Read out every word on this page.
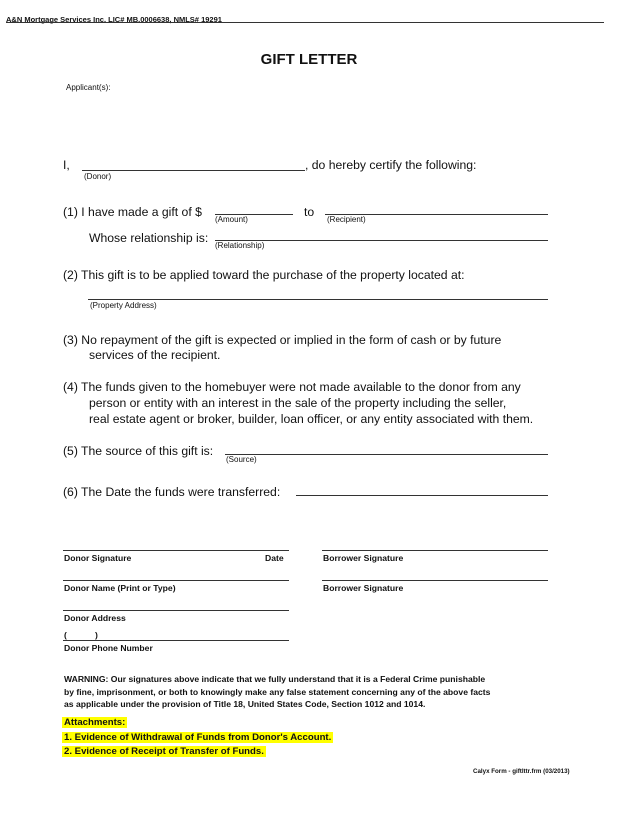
A&N Mortgage Services Inc. LIC# MB.0006638, NMLS# 19291
GIFT LETTER
Applicant(s):
I,	, do hereby certify the following:
(Donor)
(1) I have made a gift of $
(Amount)
to
(Recipient)
Whose relationship is:
(Relationship)
(2) This gift is to be applied toward the purchase of the property located at:
(Property Address)
(3) No repayment of the gift is expected or implied in the form of cash or by future
services of the recipient.
(4) The funds given to the homebuyer were not made available to the donor from any
person or entity with an interest in the sale of the property including the seller,
real estate agent or broker, builder, loan officer, or any entity associated with them.
(5) The source of this gift is:
(Source)
(6) The Date the funds were transferred:
Donor Signature	Date	Borrower Signature
Donor Name (Print or Type)	Borrower Signature
Donor Address
(	)
Donor Phone Number
WARNING: Our signatures above indicate that we fully understand that it is a Federal Crime punishable
by fine, imprisonment, or both to knowingly make any false statement concerning any of the above facts
as applicable under the provision of Title 18, United States Code, Section 1012 and 1014.
Attachments:
1. Evidence of Withdrawal of Funds from Donor's Account.
2. Evidence of Receipt of Transfer of Funds.
Calyx Form - giftlttr.frm (03/2013)
